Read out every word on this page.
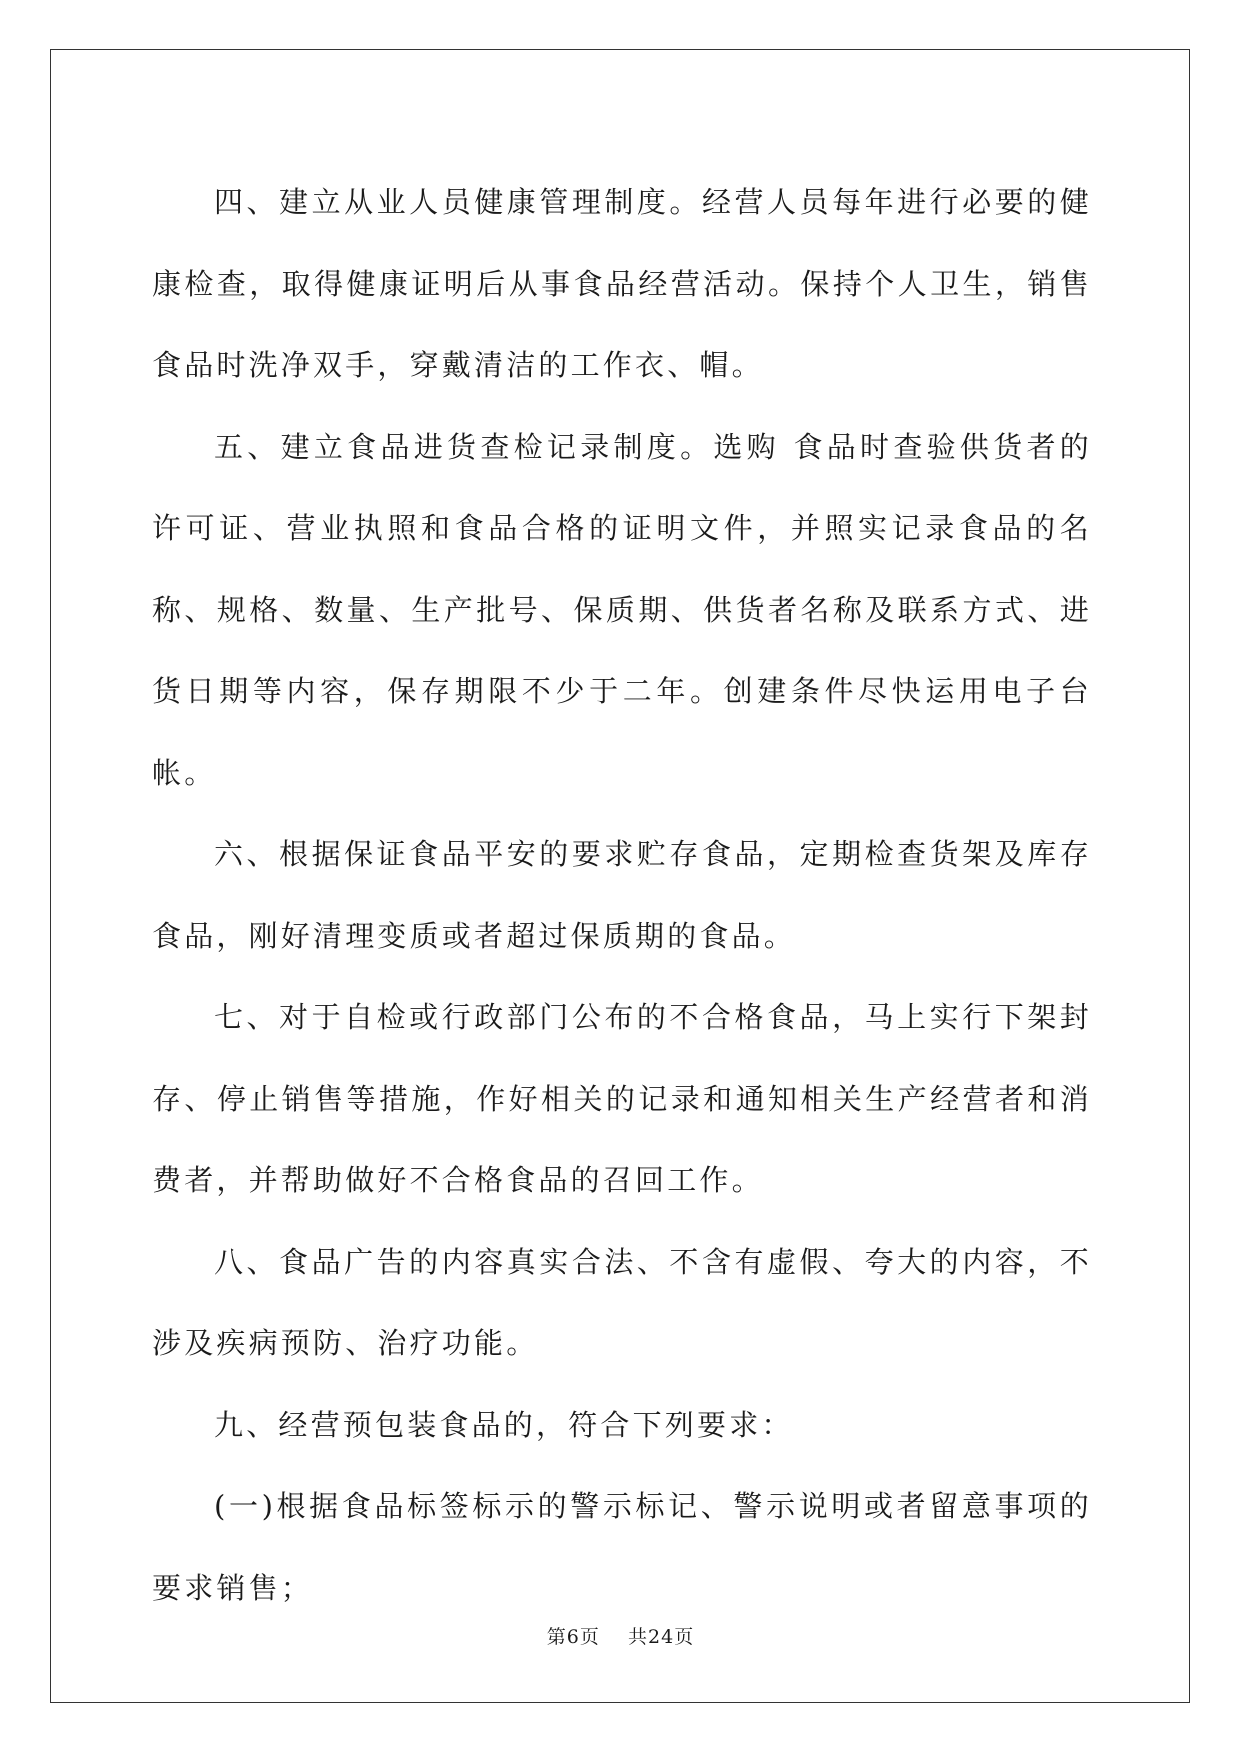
四、建立从业人员健康管理制度。经营人员每年进行必要的健康检查，取得健康证明后从事食品经营活动。保持个人卫生，销售食品时洗净双手，穿戴清洁的工作衣、帽。

五、建立食品进货查检记录制度。选购 食品时查验供货者的许可证、营业执照和食品合格的证明文件，并照实记录食品的名称、规格、数量、生产批号、保质期、供货者名称及联系方式、进货日期等内容，保存期限不少于二年。创建条件尽快运用电子台帐。

六、根据保证食品平安的要求贮存食品，定期检查货架及库存食品，刚好清理变质或者超过保质期的食品。

七、对于自检或行政部门公布的不合格食品，马上实行下架封存、停止销售等措施，作好相关的记录和通知相关生产经营者和消费者，并帮助做好不合格食品的召回工作。

八、食品广告的内容真实合法、不含有虚假、夸大的内容，不涉及疾病预防、治疗功能。

九、经营预包装食品的，符合下列要求：

(一)根据食品标签标示的警示标记、警示说明或者留意事项的要求销售；

第6页 共24页
